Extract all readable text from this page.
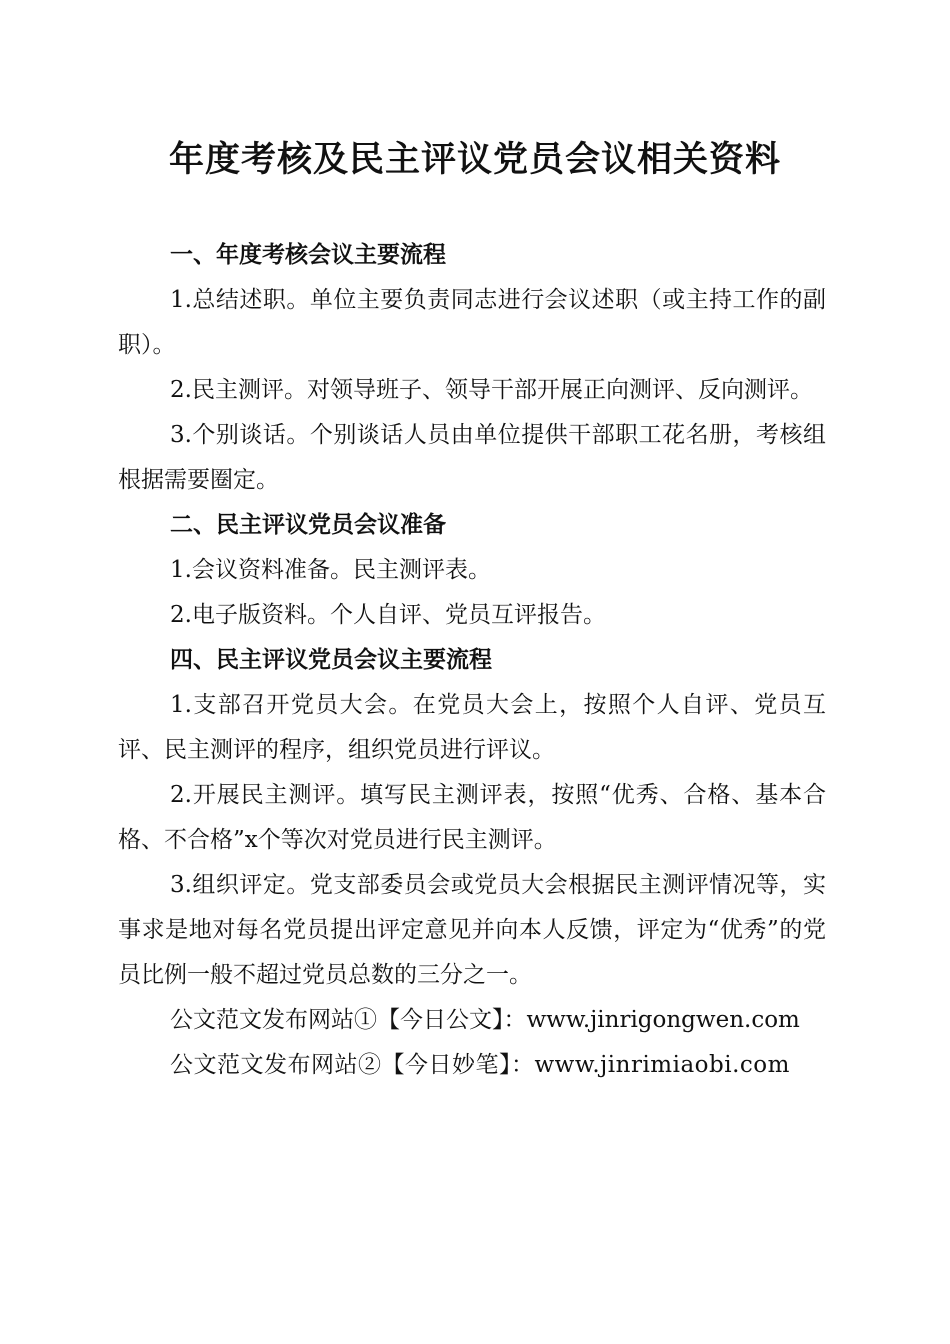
年度考核及民主评议党员会议相关资料

一、年度考核会议主要流程

1.总结述职。单位主要负责同志进行会议述职（或主持工作的副职）。

2.民主测评。对领导班子、领导干部开展正向测评、反向测评。

3.个别谈话。个别谈话人员由单位提供干部职工花名册，考核组根据需要圈定。

二、民主评议党员会议准备

1.会议资料准备。民主测评表。

2.电子版资料。个人自评、党员互评报告。

四、民主评议党员会议主要流程

1.支部召开党员大会。在党员大会上，按照个人自评、党员互评、民主测评的程序，组织党员进行评议。

2.开展民主测评。填写民主测评表，按照“优秀、合格、基本合格、不合格”x个等次对党员进行民主测评。

3.组织评定。党支部委员会或党员大会根据民主测评情况等，实事求是地对每名党员提出评定意见并向本人反馈，评定为“优秀”的党员比例一般不超过党员总数的三分之一。

公文范文发布网站①【今日公文】：www.jinrigongwen.com

公文范文发布网站②【今日妙笔】：www.jinrimiaobi.com
